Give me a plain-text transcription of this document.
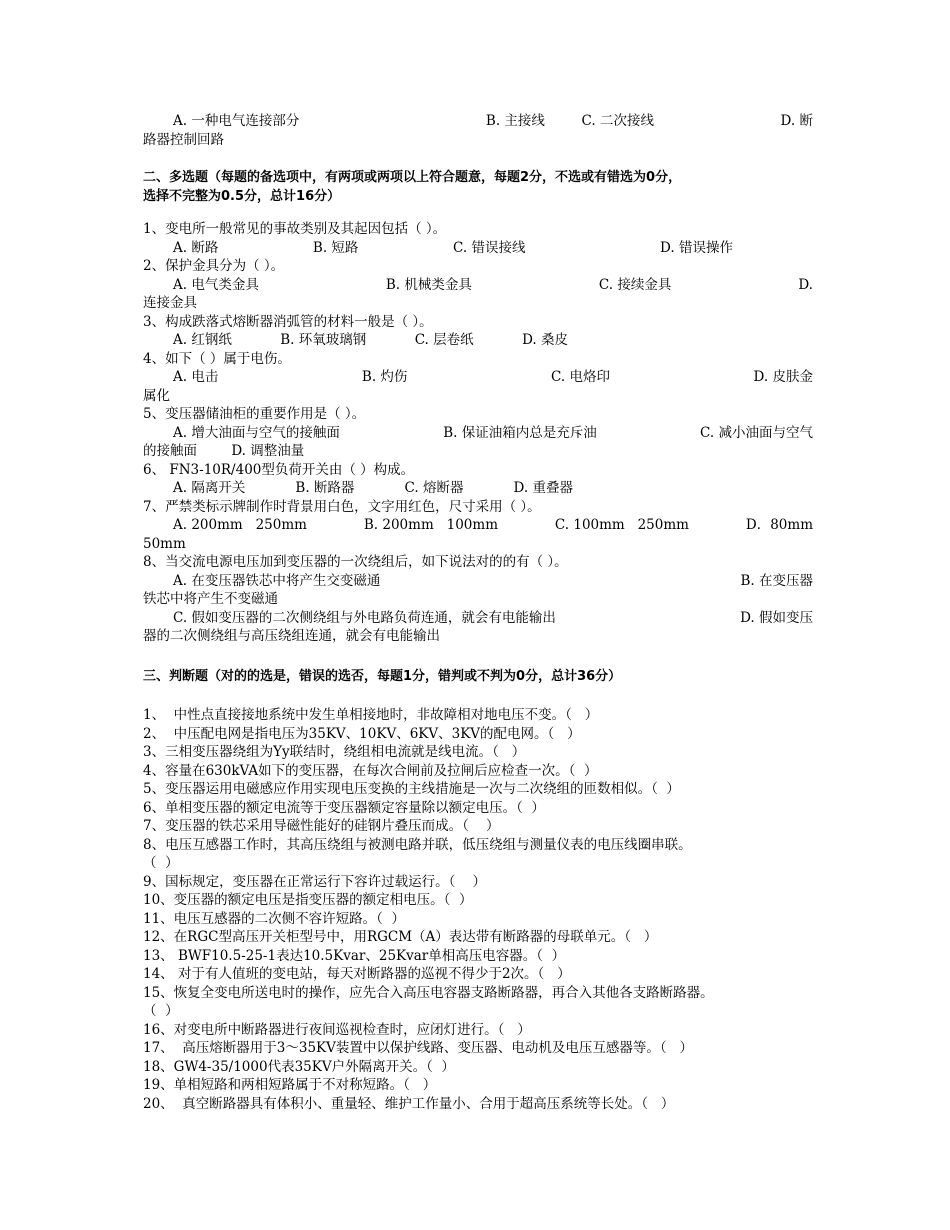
A. 一种电气连接部分	B. 主接线	C. 二次接线	D. 断
路器控制回路
二、多选题（每题的备选项中，有两项或两项以上符合题意，每题2分，不选或有错选为0分，
选择不完整为0.5分，总计16分）
1、变电所一般常见的事故类别及其起因包括（ ）。
A. 断路	B. 短路	C. 错误接线	D. 错误操作
2、保护金具分为（ ）。
A. 电气类金具	B. 机械类金具	C. 接续金具	D.
连接金具
3、构成跌落式熔断器消弧管的材料一般是（ ）。
A. 红钢纸	B. 环氧玻璃钢	C. 层卷纸	D. 桑皮
4、如下（ ）属于电伤。
A. 电击	B. 灼伤	C. 电烙印	D. 皮肤金
属化
5、变压器储油柜的重要作用是（ ）。
A. 增大油面与空气的接触面	B. 保证油箱内总是充斥油	C. 减小油面与空气
的接触面        D. 调整油量
6、 FN3-10R/400型负荷开关由（ ）构成。
A. 隔离开关	B. 断路器	C. 熔断器	D. 重叠器
7、严禁类标示牌制作时背景用白色，文字用红色，尺寸采用（ ）。
A. 200mm   250mm	B. 200mm   100mm	C. 100mm   250mm	D．80mm
50mm
8、当交流电源电压加到变压器的一次绕组后，如下说法对的的有（ ）。
A. 在变压器铁芯中将产生交变磁通	B. 在变压器
铁芯中将产生不变磁通
C. 假如变压器的二次侧绕组与外电路负荷连通，就会有电能输出	D. 假如变压
器的二次侧绕组与高压绕组连通，就会有电能输出
三、判断题（对的的选是，错误的选否，每题1分，错判或不判为0分，总计36分）
1、  中性点直接接地系统中发生单相接地时，非故障相对地电压不变。（   ）
2、  中压配电网是指电压为35KV、10KV、6KV、3KV的配电网。（   ）
3、三相变压器绕组为Yy联结时，绕组相电流就是线电流。（   ）
4、容量在630kVA如下的变压器，在每次合闸前及拉闸后应检查一次。（  ）
5、变压器运用电磁感应作用实现电压变换的主线措施是一次与二次绕组的匝数相似。（  ）
6、单相变压器的额定电流等于变压器额定容量除以额定电压。（  ）
7、变压器的铁芯采用导磁性能好的硅钢片叠压而成。（    ）
8、电压互感器工作时，其高压绕组与被测电路并联，低压绕组与测量仪表的电压线圈串联。
（  ）
9、国标规定，变压器在正常运行下容许过载运行。（    ）
10、变压器的额定电压是指变压器的额定相电压。（  ）
11、电压互感器的二次侧不容许短路。（  ）
12、在RGC型高压开关柜型号中，用RGCM（A）表达带有断路器的母联单元。（   ）
13、 BWF10.5-25-1表达10.5Kvar、25Kvar单相高压电容器。（  ）
14、 对于有人值班的变电站，每天对断路器的巡视不得少于2次。（   ）
15、恢复全变电所送电时的操作，应先合入高压电容器支路断路器，再合入其他各支路断路器。
（  ）
16、对变电所中断路器进行夜间巡视检查时，应闭灯进行。（   ）
17、  高压熔断器用于3～35KV装置中以保护线路、变压器、电动机及电压互感器等。（   ）
18、GW4-35/1000代表35KV户外隔离开关。（  ）
19、单相短路和两相短路属于不对称短路。（   ）
20、  真空断路器具有体积小、重量轻、维护工作量小、合用于超高压系统等长处。（   ）
